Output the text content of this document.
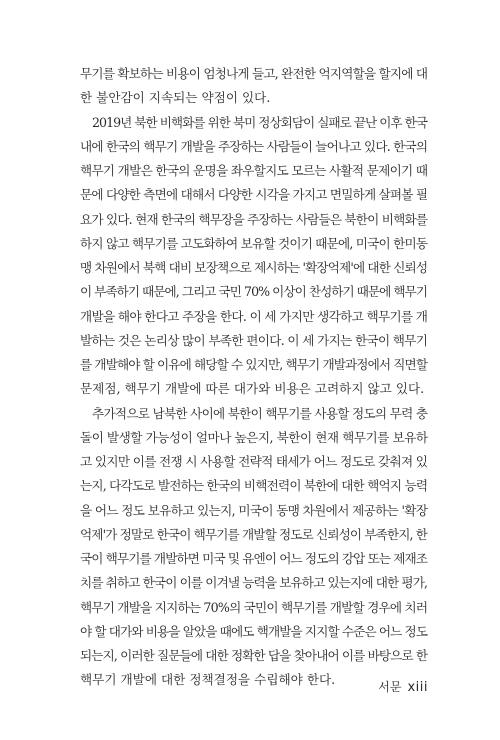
무기를 확보하는 비용이 엄청나게 들고, 완전한 억지역할을 할지에 대
한 불안감이 지속되는 약점이 있다.
2019년 북한 비핵화를 위한 북미 정상회담이 실패로 끝난 이후 한국
내에 한국의 핵무기 개발을 주장하는 사람들이 늘어나고 있다. 한국의
핵무기 개발은 한국의 운명을 좌우할지도 모르는 사활적 문제이기 때
문에 다양한 측면에 대해서 다양한 시각을 가지고 면밀하게 살펴볼 필
요가 있다. 현재 한국의 핵무장을 주장하는 사람들은 북한이 비핵화를
하지 않고 핵무기를 고도화하여 보유할 것이기 때문에, 미국이 한미동
맹 차원에서 북핵 대비 보장책으로 제시하는 '확장억제'에 대한 신뢰성
이 부족하기 때문에, 그리고 국민 70% 이상이 찬성하기 때문에 핵무기
개발을 해야 한다고 주장을 한다. 이 세 가지만 생각하고 핵무기를 개
발하는 것은 논리상 많이 부족한 편이다. 이 세 가지는 한국이 핵무기
를 개발해야 할 이유에 해당할 수 있지만, 핵무기 개발과정에서 직면할
문제점, 핵무기 개발에 따른 대가와 비용은 고려하지 않고 있다.
추가적으로 남북한 사이에 북한이 핵무기를 사용할 정도의 무력 충
돌이 발생할 가능성이 얼마나 높은지, 북한이 현재 핵무기를 보유하
고 있지만 이를 전쟁 시 사용할 전략적 태세가 어느 정도로 갖춰져 있
는지, 다각도로 발전하는 한국의 비핵전력이 북한에 대한 핵억지 능력
을 어느 정도 보유하고 있는지, 미국이 동맹 차원에서 제공하는 '확장
억제'가 정말로 한국이 핵무기를 개발할 정도로 신뢰성이 부족한지, 한
국이 핵무기를 개발하면 미국 및 유엔이 어느 정도의 강압 또는 제재조
치를 취하고 한국이 이를 이겨낼 능력을 보유하고 있는지에 대한 평가,
핵무기 개발을 지지하는 70%의 국민이 핵무기를 개발할 경우에 치러
야 할 대가와 비용을 알았을 때에도 핵개발을 지지할 수준은 어느 정도
되는지, 이러한 질문들에 대한 정확한 답을 찾아내어 이를 바탕으로 한
핵무기 개발에 대한 정책결정을 수립해야 한다.	서문 xiii
